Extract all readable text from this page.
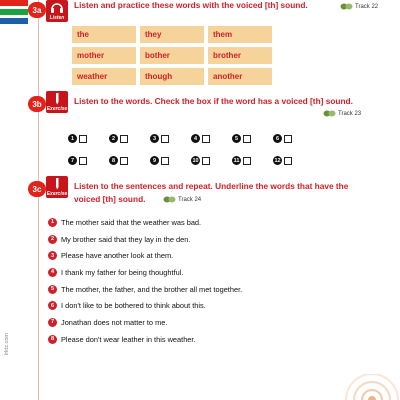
3a
Listen
Listen and practice these words with the voiced [th] sound.	Track 22
the	they	them
mother	bother	brother
weather	though	another
3b
Exercise
Listen to the words. Check the box if the word has a voiced [th] sound.
Track 23
1	2	3	4	5	6
7	8	9	10	11	12
3c
Exercise
Listen to the sentences and repeat. Underline the words that have the
voiced [th] sound.	Track 24
1 The mother said that the weather was bad.
2 My brother said that they lay in the den.
3 Please have another look at them.
4 I thank my father for being thoughtful.
5 The mother, the father, and the brother all met together.
6 I don't like to be bothered to think about this.
7 Jonathan does not matter to me.
8 Please don't wear leather in this weather.
lrktz.com
